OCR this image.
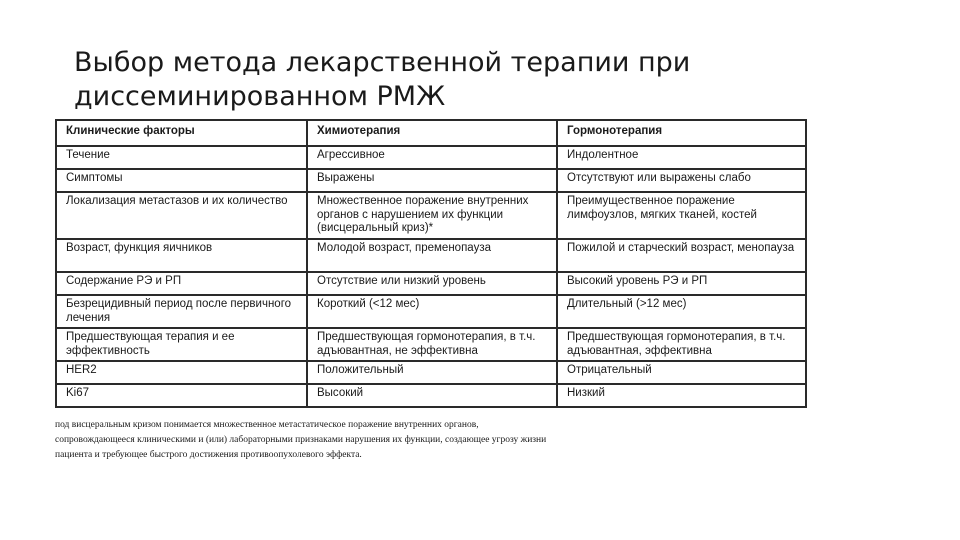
Выбор метода лекарственной терапии при
диссеминированном РМЖ
Клинические факторы	Химиотерапия	Гормонотерапия
Течение	Агрессивное	Индолентное
Симптомы	Выражены	Отсутствуют или выражены слабо
Локализация метастазов и их количество	Множественное поражение внутренних органов с нарушением их функции (висцеральный криз)*	Преимущественное поражение лимфоузлов, мягких тканей, костей
Возраст, функция яичников	Молодой возраст, пременопауза	Пожилой и старческий возраст, менопауза
Содержание РЭ и РП	Отсутствие или низкий уровень	Высокий уровень РЭ и РП
Безрецидивный период после первичного лечения	Короткий (<12 мес)	Длительный (>12 мес)
Предшествующая терапия и ее эффективность	Предшествующая гормонотерапия, в т.ч. адъювантная, не эффективна	Предшествующая гормонотерапия, в т.ч. адъювантная, эффективна
HER2	Положительный	Отрицательный
Ki67	Высокий	Низкий

под висцеральным кризом понимается множественное метастатическое поражение внутренних органов, сопровождающееся клиническими и (или) лабораторными признаками нарушения их функции, создающее угрозу жизни пациента и требующее быстрого достижения противоопухолевого эффекта.
